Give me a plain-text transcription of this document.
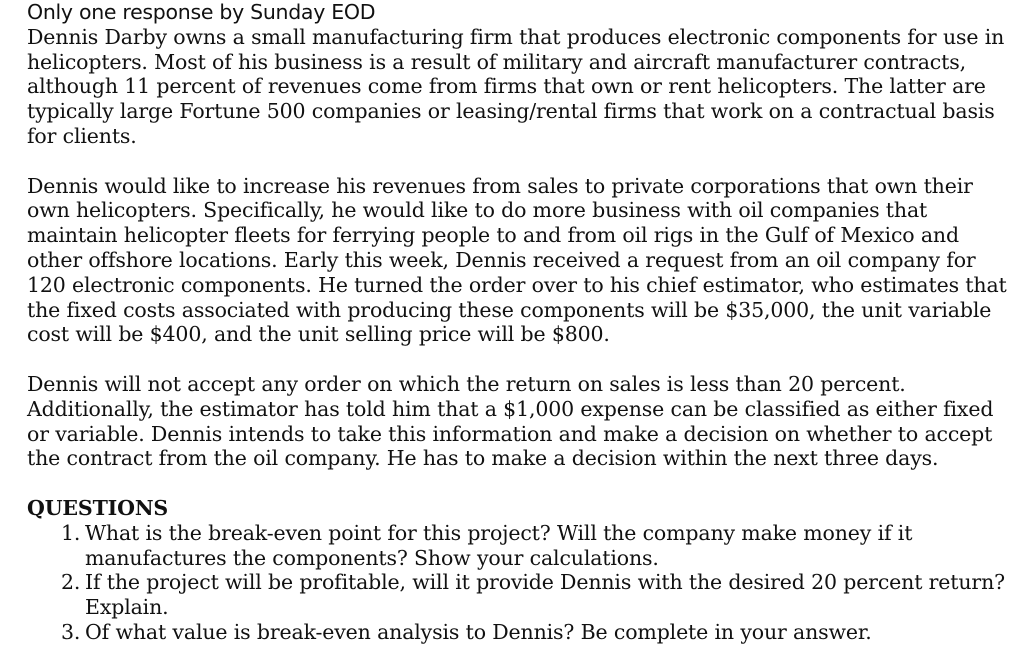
Only one response by Sunday EOD

Dennis Darby owns a small manufacturing firm that produces electronic components for use in helicopters. Most of his business is a result of military and aircraft manufacturer contracts, although 11 percent of revenues come from firms that own or rent helicopters. The latter are typically large Fortune 500 companies or leasing/rental firms that work on a contractual basis for clients.

Dennis would like to increase his revenues from sales to private corporations that own their own helicopters. Specifically, he would like to do more business with oil companies that maintain helicopter fleets for ferrying people to and from oil rigs in the Gulf of Mexico and other offshore locations. Early this week, Dennis received a request from an oil company for 120 electronic components. He turned the order over to his chief estimator, who estimates that the fixed costs associated with producing these components will be $35,000, the unit variable cost will be $400, and the unit selling price will be $800.

Dennis will not accept any order on which the return on sales is less than 20 percent. Additionally, the estimator has told him that a $1,000 expense can be classified as either fixed or variable. Dennis intends to take this information and make a decision on whether to accept the contract from the oil company. He has to make a decision within the next three days.

QUESTIONS

1. What is the break-even point for this project? Will the company make money if it manufactures the components? Show your calculations.
2. If the project will be profitable, will it provide Dennis with the desired 20 percent return? Explain.
3. Of what value is break-even analysis to Dennis? Be complete in your answer.
